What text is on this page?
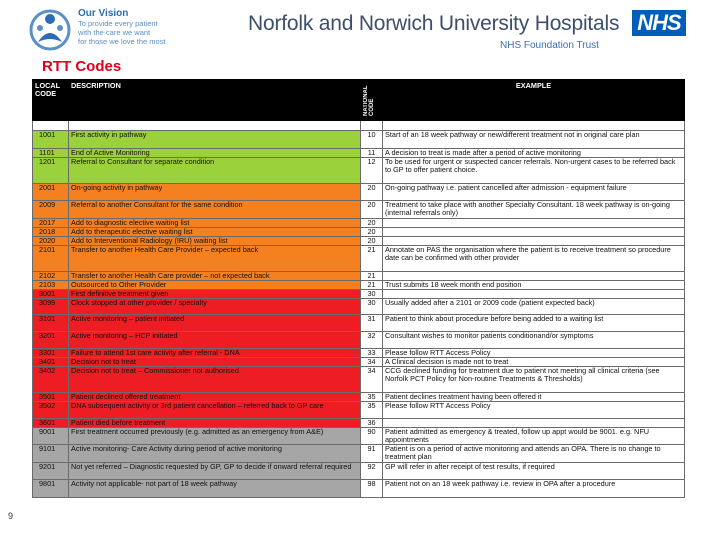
Our Vision
To provide every patient
with the care we want
for those we love the most
Norfolk and Norwich University Hospitals
NHS Foundation Trust
NHS
RTT Codes
LOCAL CODE	DESCRIPTION	NATIONAL CODE	EXAMPLE

1001	First activity in pathway	10	Start of an 18 week pathway or new/different treatment not in original care plan
1101	End of Active Monitoring	11	A decision to treat is made after a period of active monitoring
1201	Referral to Consultant for separate condition	12	To be used for urgent or suspected cancer referrals. Non-urgent cases to be referred back to GP to offer patient choice.
2001	On-going activity in pathway	20	On-going pathway i.e. patient cancelled after admission - equipment failure
2009	Referral to another Consultant for the same condition	20	Treatment to take place with another Specialty Consultant. 18 week pathway is on-going (internal referrals only)
2017	Add to diagnostic elective waiting list	20	
2018	Add to therapeutic elective waiting list	20	
2020	Add to Interventional Radiology (IRU) waiting list	20	
2101	Transfer to another Health Care Provider – expected back	21	Annotate on PAS the organisation where the patient is to receive treatment so procedure date can be confirmed with other provider
2102	Transfer to another Health Care provider – not expected back	21	
2103	Outsourced to Other Provider	21	Trust submits 18 week month end position
3001	First definitive treatment given	30	
3099	Clock stopped at other provider / specialty	30	Usually added after a 2101 or 2009 code (patient expected back)
3101	Active monitoring – patient initiated	31	Patient to think about procedure before being added to a waiting list
3201	Active monitoring – HCP initiated	32	Consultant wishes to monitor patients conditionand/or symptoms
3301	Failure to attend 1st care activity after referral - DNA	33	Please follow RTT Access Policy
3401	Decision not to treat	34	A Clinical decision is made not to treat
3402	Decision not to treat – Commissioner not authorised	34	CCG declined funding for treatment due to patient not meeting all clinical criteria (see Norfolk PCT Policy for Non-routine Treatments & Thresholds)
3501	Patient declined offered treatment	35	Patient declines treatment having been offered it
3502	DNA subsequent activity or 3rd patient cancellation – referred back to GP care	35	Please follow RTT Access Policy
3601	Patient died before treatment	36	
9001	First treatment occurred previously (e.g. admitted as an emergency from A&E)	90	Patient admitted as emergency & treated, follow up appt would be 9001. e.g. NFU appointments
9101	Active monitoring- Care Activity during period of active monitoring	91	Patient is on a period of active monitoring and attends an OPA. There is no change to treatment plan
9201	Not yet referred – Diagnostic requested by GP, GP to decide if onward referral required	92	GP will refer in after receipt of test results, if required
9801	Activity not applicable- not part of 18 week pathway	98	Patient not on an 18 week pathway i.e. review in OPA after a procedure
9
